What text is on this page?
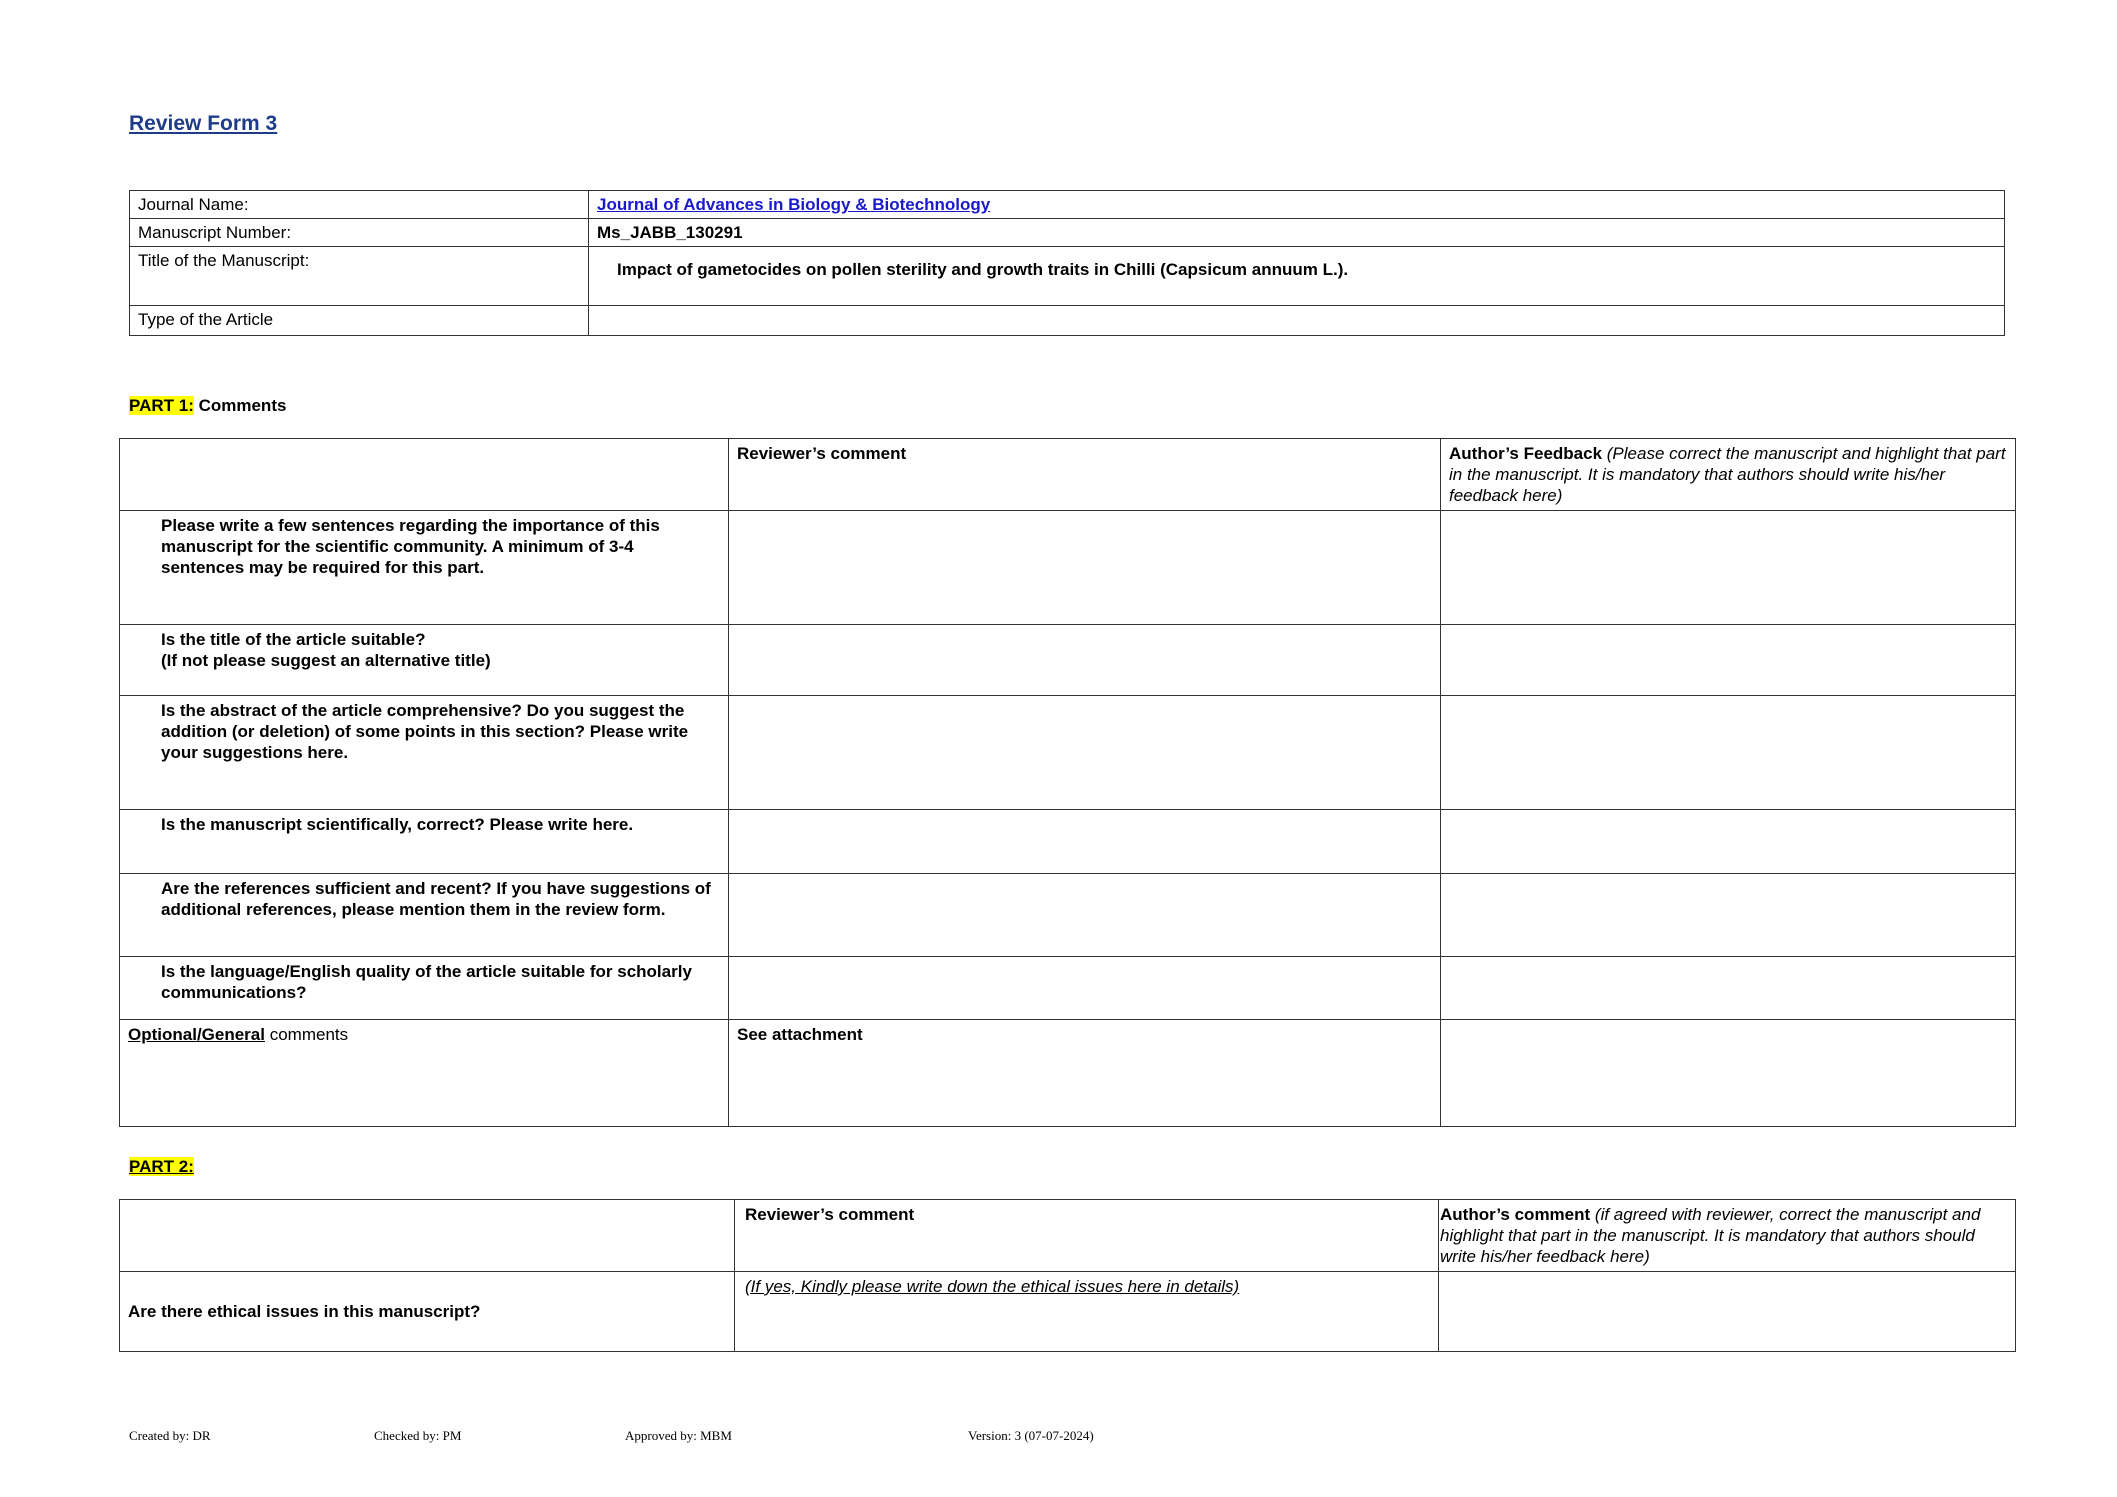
Review Form 3
Journal Name:	Journal of Advances in Biology & Biotechnology
Manuscript Number:	Ms_JABB_130291
Title of the Manuscript:	Impact of gametocides on pollen sterility and growth traits in Chilli (Capsicum annuum L.).
Type of the Article	
PART 1: Comments
	Reviewer’s comment	Author’s Feedback (Please correct the manuscript and highlight that part in the manuscript. It is mandatory that authors should write his/her feedback here)
Please write a few sentences regarding the importance of this manuscript for the scientific community. A minimum of 3-4 sentences may be required for this part.		

Is the title of the article suitable?
(If not please suggest an alternative title)		

Is the abstract of the article comprehensive? Do you suggest the addition (or deletion) of some points in this section? Please write your suggestions here.		
Is the manuscript scientifically, correct? Please write here.		
Are the references sufficient and recent? If you have suggestions of additional references, please mention them in the review form.		
Is the language/English quality of the article suitable for scholarly communications?		
Optional/General comments	See attachment	
PART 2:
	Reviewer’s comment	Author’s comment (if agreed with reviewer, correct the manuscript and highlight that part in the manuscript. It is mandatory that authors should write his/her feedback here)
Are there ethical issues in this manuscript?	(If yes, Kindly please write down the ethical issues here in details)	
Created by: DR	Checked by: PM	Approved by: MBM	Version: 3 (07-07-2024)
